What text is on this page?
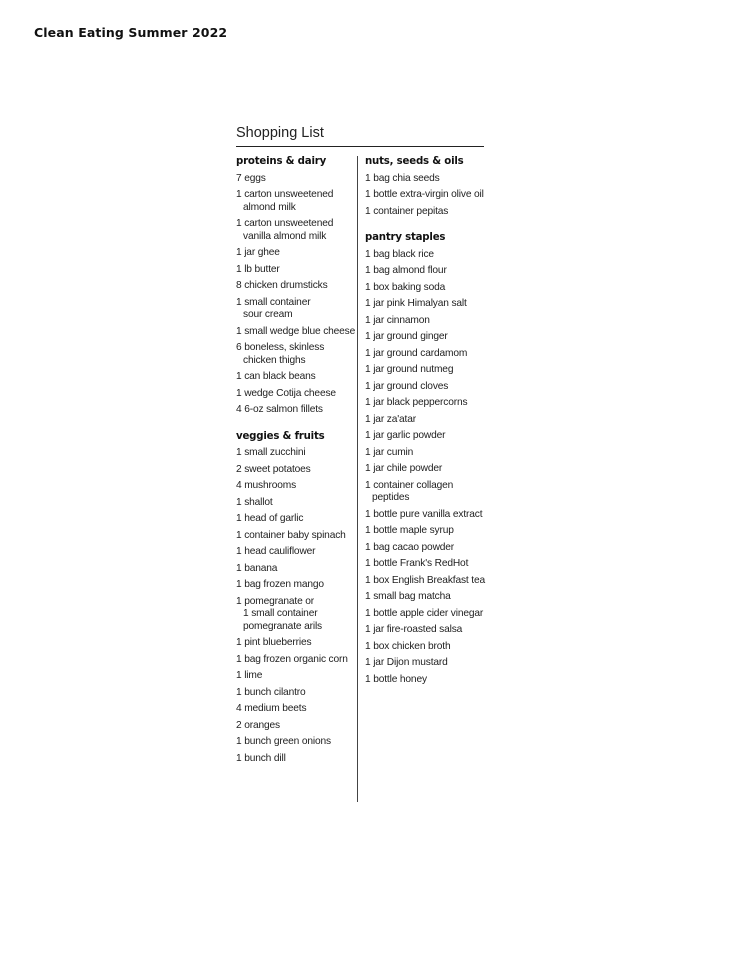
Clean Eating Summer 2022
Shopping List
proteins & dairy
7 eggs
1 carton unsweetened
almond milk
1 carton unsweetened
vanilla almond milk
1 jar ghee
1 lb butter
8 chicken drumsticks
1 small container
sour cream
1 small wedge blue cheese
6 boneless, skinless
chicken thighs
1 can black beans
1 wedge Cotija cheese
4 6-oz salmon fillets
veggies & fruits
1 small zucchini
2 sweet potatoes
4 mushrooms
1 shallot
1 head of garlic
1 container baby spinach
1 head cauliflower
1 banana
1 bag frozen mango
1 pomegranate or
1 small container
pomegranate arils
1 pint blueberries
1 bag frozen organic corn
1 lime
1 bunch cilantro
4 medium beets
2 oranges
1 bunch green onions
1 bunch dill
nuts, seeds & oils
1 bag chia seeds
1 bottle extra-virgin olive oil
1 container pepitas
pantry staples
1 bag black rice
1 bag almond flour
1 box baking soda
1 jar pink Himalyan salt
1 jar cinnamon
1 jar ground ginger
1 jar ground cardamom
1 jar ground nutmeg
1 jar ground cloves
1 jar black peppercorns
1 jar za'atar
1 jar garlic powder
1 jar cumin
1 jar chile powder
1 container collagen
peptides
1 bottle pure vanilla extract
1 bottle maple syrup
1 bag cacao powder
1 bottle Frank's RedHot
1 box English Breakfast tea
1 small bag matcha
1 bottle apple cider vinegar
1 jar fire-roasted salsa
1 box chicken broth
1 jar Dijon mustard
1 bottle honey
